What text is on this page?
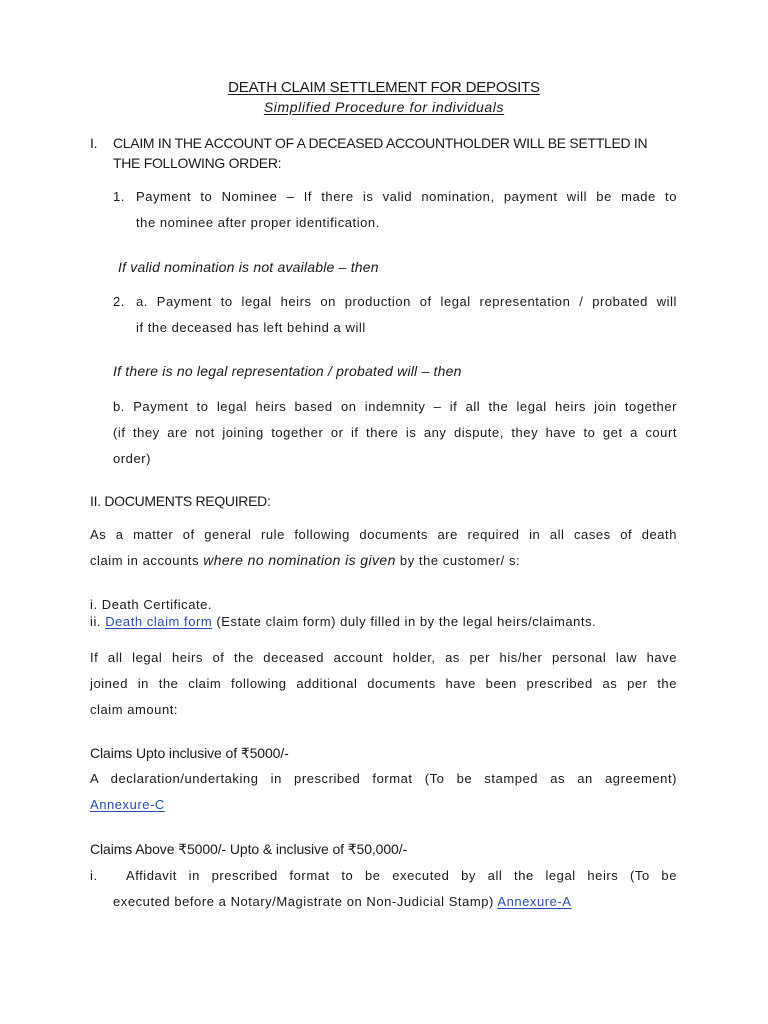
DEATH CLAIM SETTLEMENT FOR DEPOSITS
Simplified Procedure for individuals
I. CLAIM IN THE ACCOUNT OF A DECEASED ACCOUNTHOLDER WILL BE SETTLED IN
THE FOLLOWING ORDER:
1. Payment to Nominee – If there is valid nomination, payment will be made to
the nominee after proper identification.
If valid nomination is not available – then
2. a. Payment to legal heirs on production of legal representation / probated will
if the deceased has left behind a will
If there is no legal representation / probated will – then
b. Payment to legal heirs based on indemnity – if all the legal heirs join together
(if they are not joining together or if there is any dispute, they have to get a court
order)
II. DOCUMENTS REQUIRED:
As a matter of general rule following documents are required in all cases of death
claim in accounts where no nomination is given by the customer/ s:
i. Death Certificate.
ii. Death claim form (Estate claim form) duly filled in by the legal heirs/claimants.
If all legal heirs of the deceased account holder, as per his/her personal law have
joined in the claim following additional documents have been prescribed as per the
claim amount:
Claims Upto inclusive of ₹5000/-
A declaration/undertaking in prescribed format (To be stamped as an agreement)
Annexure-C
Claims Above ₹5000/- Upto & inclusive of ₹50,000/-
i. Affidavit in prescribed format to be executed by all the legal heirs (To be
executed before a Notary/Magistrate on Non-Judicial Stamp) Annexure-A
